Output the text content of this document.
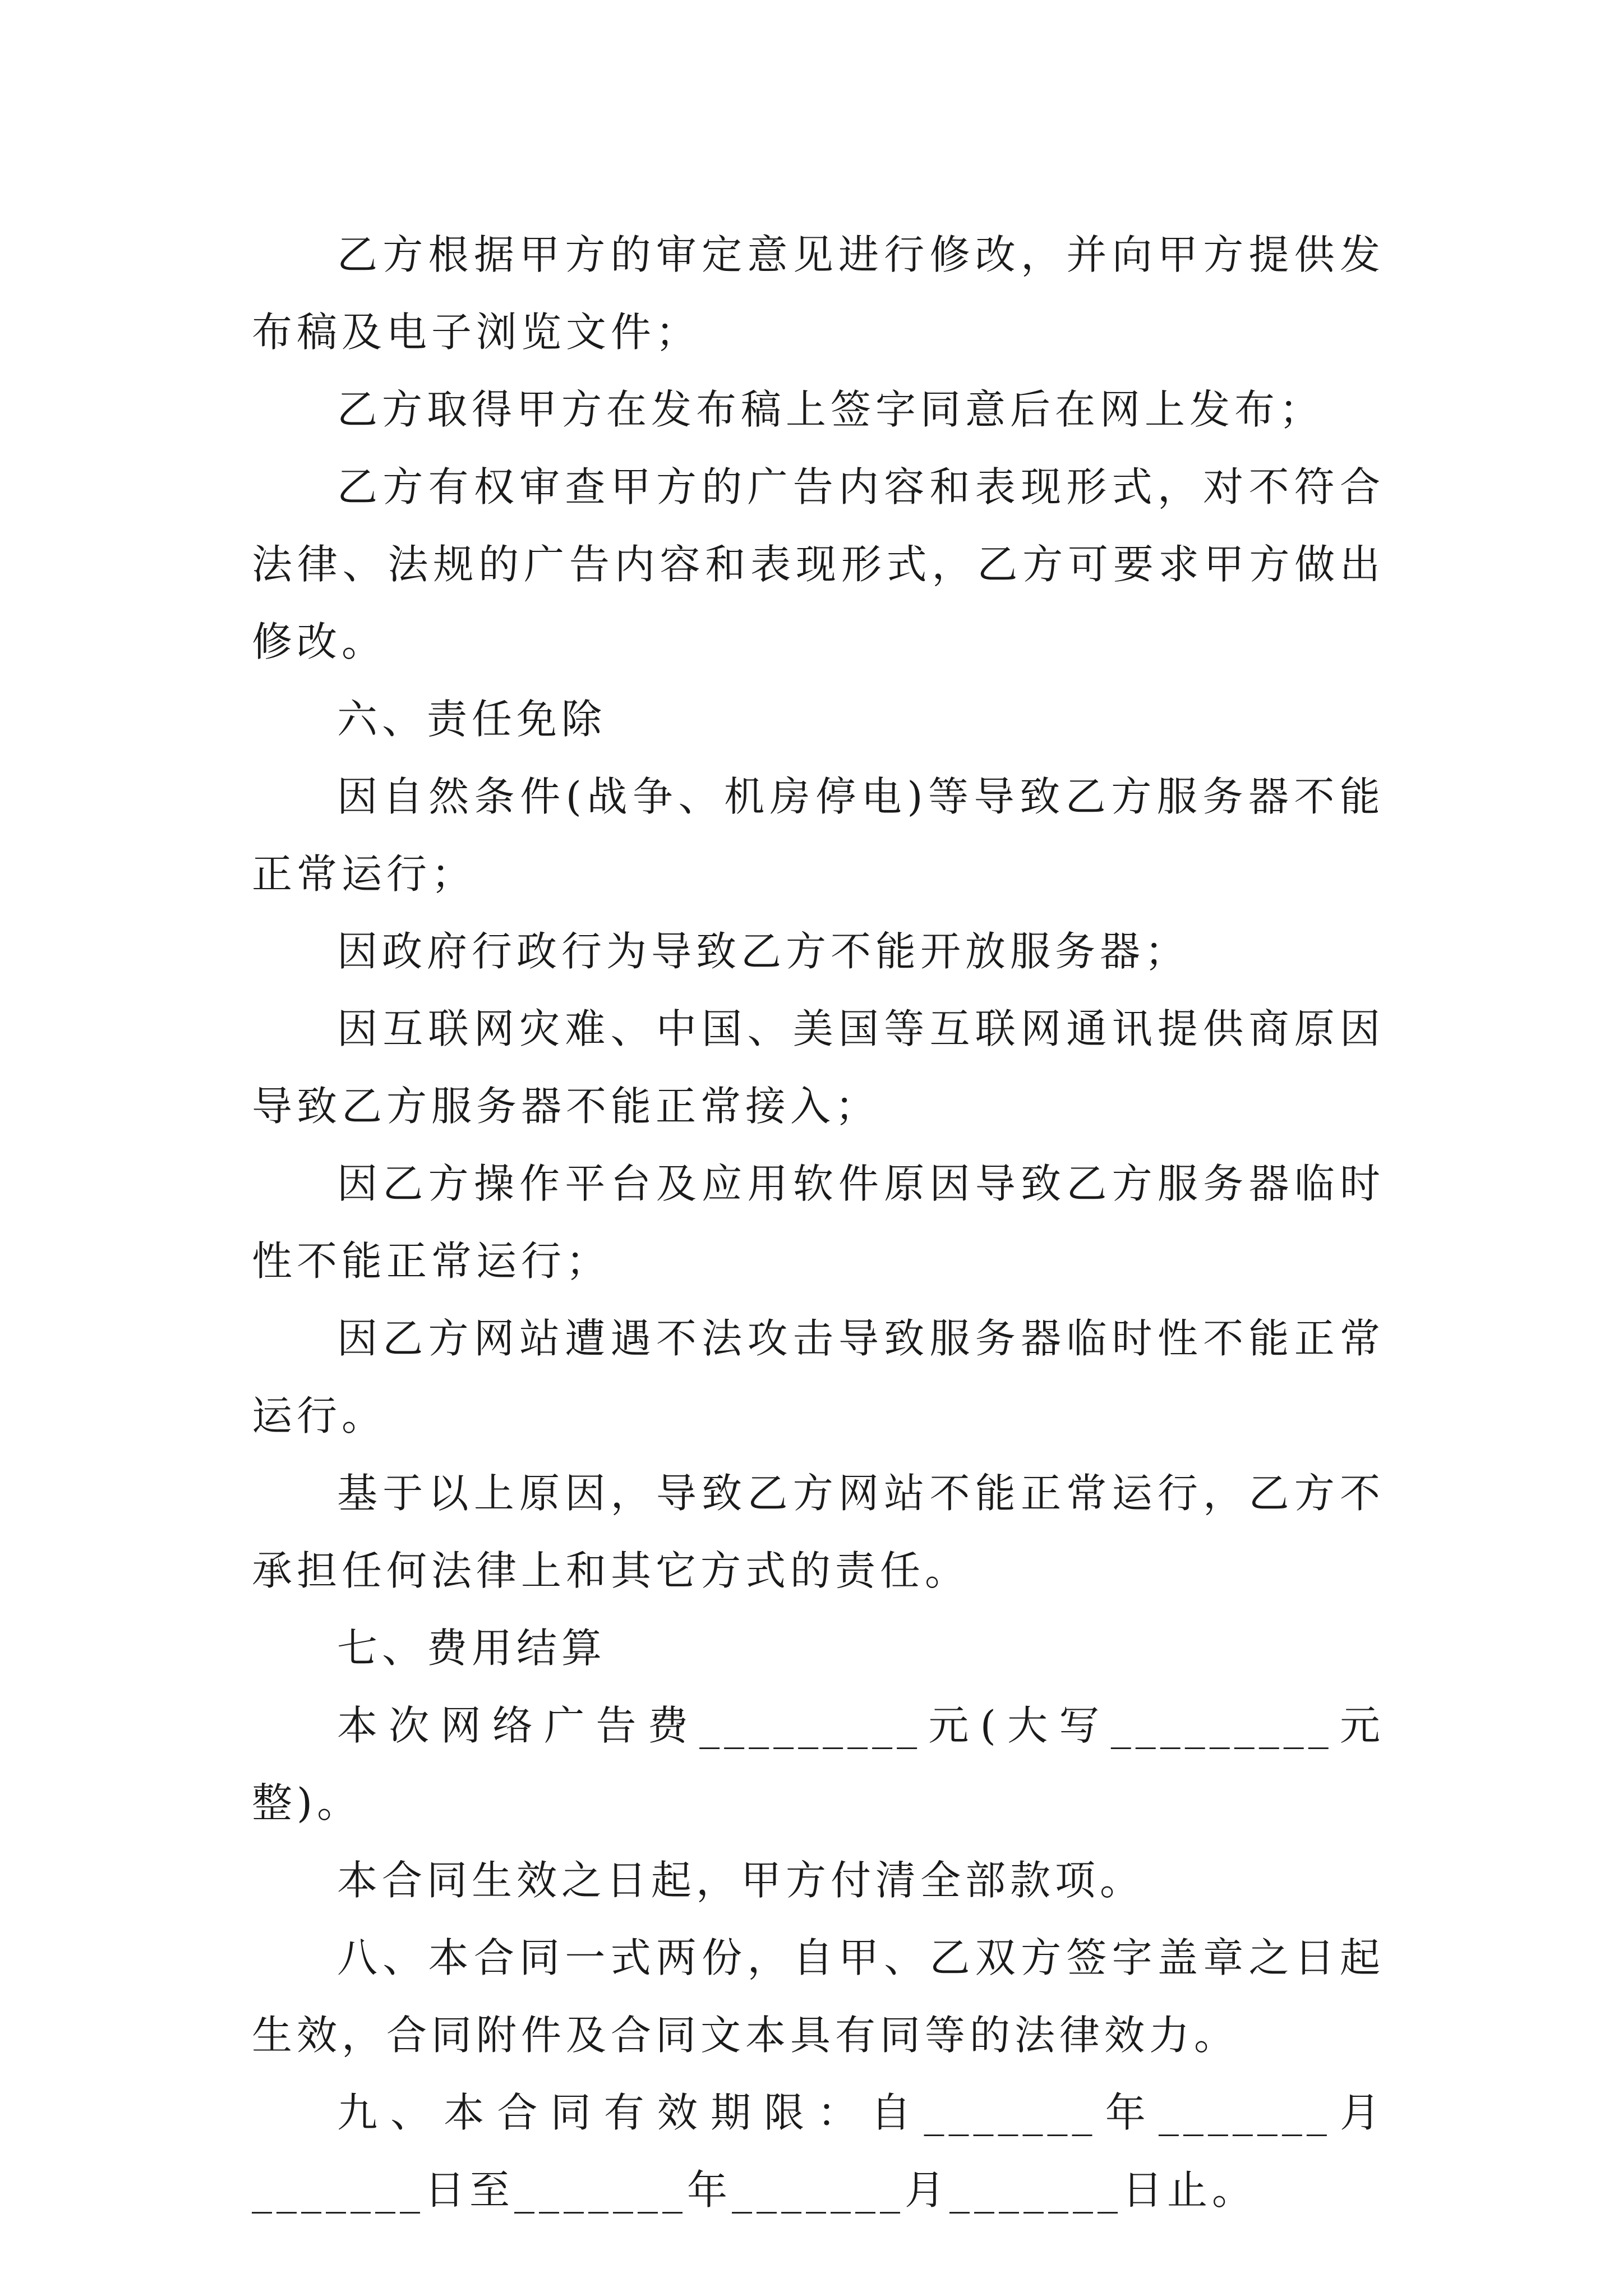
乙方根据甲方的审定意见进行修改，并向甲方提供发布稿及电子浏览文件；

乙方取得甲方在发布稿上签字同意后在网上发布；

乙方有权审查甲方的广告内容和表现形式，对不符合法律、法规的广告内容和表现形式，乙方可要求甲方做出修改。

六、责任免除

因自然条件(战争、机房停电)等导致乙方服务器不能正常运行；

因政府行政行为导致乙方不能开放服务器；

因互联网灾难、中国、美国等互联网通讯提供商原因导致乙方服务器不能正常接入；

因乙方操作平台及应用软件原因导致乙方服务器临时性不能正常运行；

因乙方网站遭遇不法攻击导致服务器临时性不能正常运行。

基于以上原因，导致乙方网站不能正常运行，乙方不承担任何法律上和其它方式的责任。

七、费用结算

本次网络广告费_________元(大写_________元整)。

本合同生效之日起，甲方付清全部款项。

八、本合同一式两份，自甲、乙双方签字盖章之日起生效，合同附件及合同文本具有同等的法律效力。

九、本合同有效期限：自_______年_______月_______日至_______年_______月_______日止。
